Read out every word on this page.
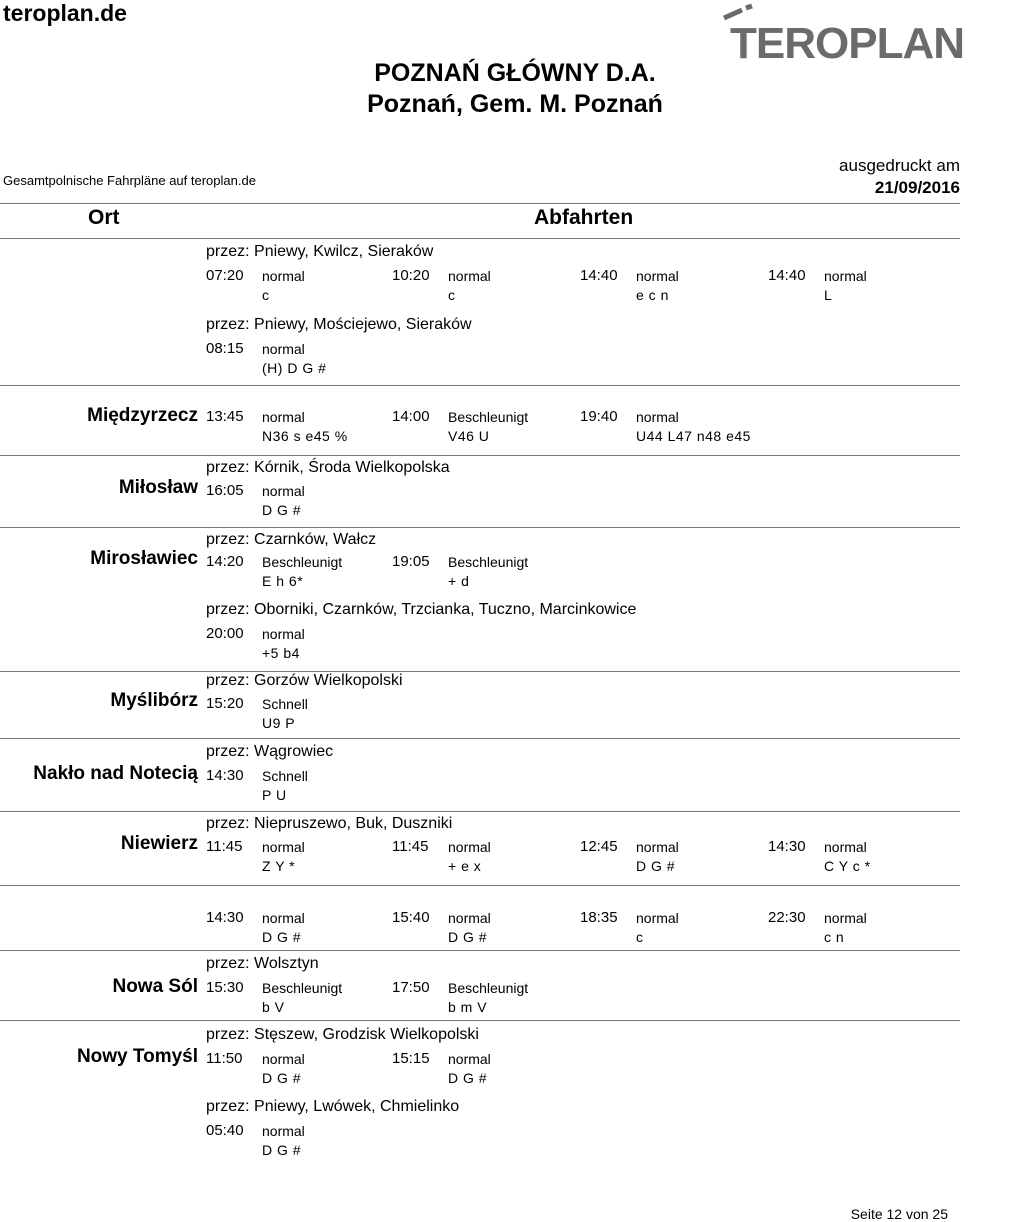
teroplan.de
TEROPLAN
POZNAŃ GŁÓWNY D.A.
Poznań, Gem. M. Poznań
Gesamtpolnische Fahrpläne auf teroplan.de
ausgedruckt am
21/09/2016
Ort	Abfahrten
przez: Pniewy, Kwilcz, Sieraków
07:20 normal
c
10:20 normal
c
14:40 normal
e c n
14:40 normal
L
przez: Pniewy, Mościejewo, Sieraków
08:15 normal
(H) D G #
Międzyrzecz 13:45 normal
N36 s e45 %
14:00 Beschleunigt
V46 U
19:40 normal
U44 L47 n48 e45
Miłosław
przez: Kórnik, Środa Wielkopolska
16:05 normal
D G #
Mirosławiec
przez: Czarnków, Wałcz
14:20 Beschleunigt
E h 6*
19:05 Beschleunigt
+ d
przez: Oborniki, Czarnków, Trzcianka, Tuczno, Marcinkowice
20:00 normal
+5 b4
Myślibórz
przez: Gorzów Wielkopolski
15:20 Schnell
U9 P
Nakło nad Notecią
przez: Wągrowiec
14:30 Schnell
P U
Niewierz
przez: Niepruszewo, Buk, Duszniki
11:45 normal
Z Y *
11:45 normal
+ e x
12:45 normal
D G #
14:30 normal
C Y c *
14:30 normal
D G #
15:40 normal
D G #
18:35 normal
c
22:30 normal
c n
Nowa Sól
przez: Wolsztyn
15:30 Beschleunigt
b V
17:50 Beschleunigt
b m V
Nowy Tomyśl
przez: Stęszew, Grodzisk Wielkopolski
11:50 normal
D G #
15:15 normal
D G #
przez: Pniewy, Lwówek, Chmielinko
05:40 normal
D G #
Seite 12 von 25
